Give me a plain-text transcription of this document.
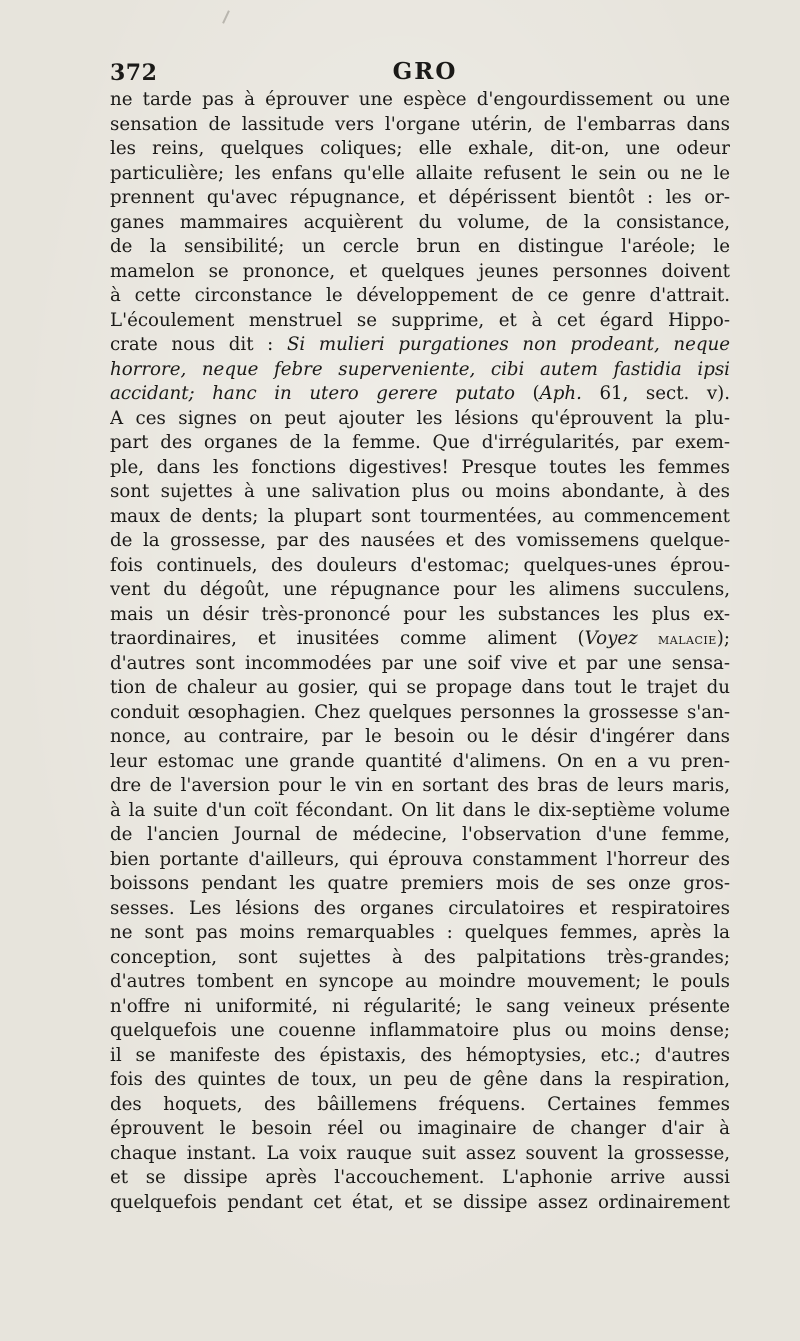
372	GRO
ne tarde pas à éprouver une espèce d'engourdissement ou une
sensation de lassitude vers l'organe utérin, de l'embarras dans
les reins, quelques coliques; elle exhale, dit-on, une odeur
particulière; les enfans qu'elle allaite refusent le sein ou ne le
prennent qu'avec répugnance, et dépérissent bientôt : les or-
ganes mammaires acquièrent du volume, de la consistance,
de la sensibilité; un cercle brun en distingue l'aréole; le
mamelon se prononce, et quelques jeunes personnes doivent
à cette circonstance le développement de ce genre d'attrait.
L'écoulement menstruel se supprime, et à cet égard Hippo-
crate nous dit : Si mulieri purgationes non prodeant, neque
horrore, neque febre superveniente, cibi autem fastidia ipsi
accidant; hanc in utero gerere putato (Aph. 61, sect. v).
A ces signes on peut ajouter les lésions qu'éprouvent la plu-
part des organes de la femme. Que d'irrégularités, par exem-
ple, dans les fonctions digestives! Presque toutes les femmes
sont sujettes à une salivation plus ou moins abondante, à des
maux de dents; la plupart sont tourmentées, au commencement
de la grossesse, par des nausées et des vomissemens quelque-
fois continuels, des douleurs d'estomac; quelques-unes éprou-
vent du dégoût, une répugnance pour les alimens succulens,
mais un désir très-prononcé pour les substances les plus ex-
traordinaires, et inusitées comme aliment (Voyez malacie);
d'autres sont incommodées par une soif vive et par une sensa-
tion de chaleur au gosier, qui se propage dans tout le trajet du
conduit œsophagien. Chez quelques personnes la grossesse s'an-
nonce, au contraire, par le besoin ou le désir d'ingérer dans
leur estomac une grande quantité d'alimens. On en a vu pren-
dre de l'aversion pour le vin en sortant des bras de leurs maris,
à la suite d'un coït fécondant. On lit dans le dix-septième volume
de l'ancien Journal de médecine, l'observation d'une femme,
bien portante d'ailleurs, qui éprouva constamment l'horreur des
boissons pendant les quatre premiers mois de ses onze gros-
sesses. Les lésions des organes circulatoires et respiratoires
ne sont pas moins remarquables : quelques femmes, après la
conception, sont sujettes à des palpitations très-grandes;
d'autres tombent en syncope au moindre mouvement; le pouls
n'offre ni uniformité, ni régularité; le sang veineux présente
quelquefois une couenne inflammatoire plus ou moins dense;
il se manifeste des épistaxis, des hémoptysies, etc.; d'autres
fois des quintes de toux, un peu de gêne dans la respiration,
des hoquets, des bâillemens fréquens. Certaines femmes
éprouvent le besoin réel ou imaginaire de changer d'air à
chaque instant. La voix rauque suit assez souvent la grossesse,
et se dissipe après l'accouchement. L'aphonie arrive aussi
quelquefois pendant cet état, et se dissipe assez ordinairement
